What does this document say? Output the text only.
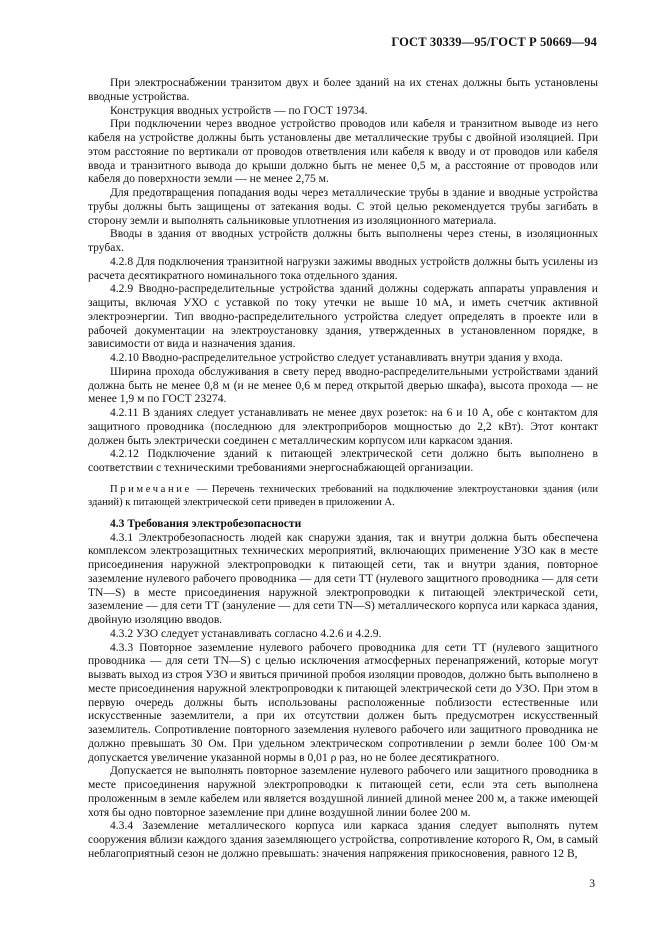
ГОСТ 30339—95/ГОСТ Р 50669—94

При электроснабжении транзитом двух и более зданий на их стенах должны быть установлены вводные устройства.

Конструкция вводных устройств — по ГОСТ 19734.

При подключении через вводное устройство проводов или кабеля и транзитном выводе из него кабеля на устройстве должны быть установлены две металлические трубы с двойной изоляцией. При этом расстояние по вертикали от проводов ответвления или кабеля к вводу и от проводов или кабеля ввода и транзитного вывода до крыши должно быть не менее 0,5 м, а расстояние от проводов или кабеля до поверхности земли — не менее 2,75 м.

Для предотвращения попадания воды через металлические трубы в здание и вводные устройства трубы должны быть защищены от затекания воды. С этой целью рекомендуется трубы загибать в сторону земли и выполнять сальниковые уплотнения из изоляционного материала.

Вводы в здания от вводных устройств должны быть выполнены через стены, в изоляционных трубах.

4.2.8 Для подключения транзитной нагрузки зажимы вводных устройств должны быть усилены из расчета десятикратного номинального тока отдельного здания.

4.2.9 Вводно-распределительные устройства зданий должны содержать аппараты управления и защиты, включая УХО с уставкой по току утечки не выше 10 мА, и иметь счетчик активной электроэнергии. Тип вводно-распределительного устройства следует определять в проекте или в рабочей документации на электроустановку здания, утвержденных в установленном порядке, в зависимости от вида и назначения здания.

4.2.10 Вводно-распределительное устройство следует устанавливать внутри здания у входа.

Ширина прохода обслуживания в свету перед вводно-распределительными устройствами зданий должна быть не менее 0,8 м (и не менее 0,6 м перед открытой дверью шкафа), высота прохода — не менее 1,9 м по ГОСТ 23274.

4.2.11 В зданиях следует устанавливать не менее двух розеток: на 6 и 10 А, обе с контактом для защитного проводника (последнюю для электроприборов мощностью до 2,2 кВт). Этот контакт должен быть электрически соединен с металлическим корпусом или каркасом здания.

4.2.12 Подключение зданий к питающей электрической сети должно быть выполнено в соответствии с техническими требованиями энергоснабжающей организации.

Примечание — Перечень технических требований на подключение электроустановки здания (или зданий) к питающей электрической сети приведен в приложении А.

4.3 Требования электробезопасности

4.3.1 Электробезопасность людей как снаружи здания, так и внутри должна быть обеспечена комплексом электрозащитных технических мероприятий, включающих применение УЗО как в месте присоединения наружной электропроводки к питающей сети, так и внутри здания, повторное заземление нулевого рабочего проводника — для сети ТТ (нулевого защитного проводника — для сети TN—S) в месте присоединения наружной электропроводки к питающей электрической сети, заземление — для сети ТТ (зануление — для сети TN—S) металлического корпуса или каркаса здания, двойную изоляцию вводов.

4.3.2 УЗО следует устанавливать согласно 4.2.6 и 4.2.9.

4.3.3 Повторное заземление нулевого рабочего проводника для сети ТТ (нулевого защитного проводника — для сети TN—S) с целью исключения атмосферных перенапряжений, которые могут вызвать выход из строя УЗО и явиться причиной пробоя изоляции проводов, должно быть выполнено в месте присоединения наружной электропроводки к питающей электрической сети до УЗО. При этом в первую очередь должны быть использованы расположенные поблизости естественные или искусственные заземлители, а при их отсутствии должен быть предусмотрен искусственный заземлитель. Сопротивление повторного заземления нулевого рабочего или защитного проводника не должно превышать 30 Ом. При удельном электрическом сопротивлении ρ земли более 100 Ом·м допускается увеличение указанной нормы в 0,01 ρ раз, но не более десятикратного.

Допускается не выполнять повторное заземление нулевого рабочего или защитного проводника в месте присоединения наружной электропроводки к питающей сети, если эта сеть выполнена проложенным в земле кабелем или является воздушной линией длиной менее 200 м, а также имеющей хотя бы одно повторное заземление при длине воздушной линии более 200 м.

4.3.4 Заземление металлического корпуса или каркаса здания следует выполнять путем сооружения вблизи каждого здания заземляющего устройства, сопротивление которого R, Ом, в самый неблагоприятный сезон не должно превышать: значения напряжения прикосновения, равного 12 В,

3
